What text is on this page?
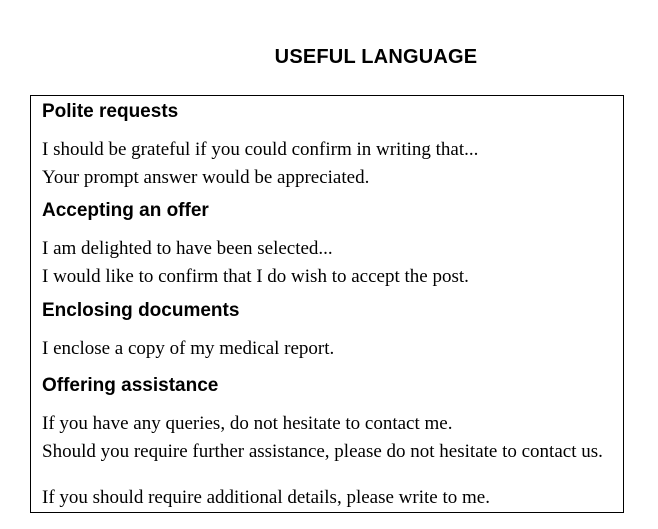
USEFUL LANGUAGE
Polite requests
I should be grateful if you could confirm in writing that...
Your prompt answer would be appreciated.
Accepting an offer
I am delighted to have been selected...
I would like to confirm that I do wish to accept the post.
Enclosing documents
I enclose a copy of my medical report.
Offering assistance
If you have any queries, do not hesitate to contact me.
Should you require further assistance, please do not hesitate to contact us.
If you should require additional details, please write to me.
